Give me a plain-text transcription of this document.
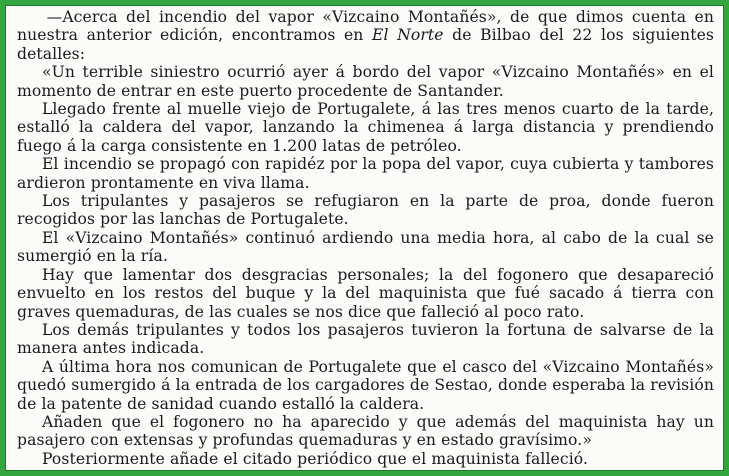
—Acerca del incendio del vapor «Vizcaino Montañés», de que dimos cuenta en nuestra anterior edición, encontramos en El Norte de Bilbao del 22 los siguientes detalles:

«Un terrible siniestro ocurrió ayer á bordo del vapor «Vizcaino Montañés» en el momento de entrar en este puerto procedente de Santander.

Llegado frente al muelle viejo de Portugalete, á las tres menos cuarto de la tarde, estalló la caldera del vapor, lanzando la chimenea á larga distancia y prendiendo fuego á la carga consistente en 1.200 latas de petróleo.

El incendio se propagó con rapidéz por la popa del vapor, cuya cubierta y tambores ardieron prontamente en viva llama.

Los tripulantes y pasajeros se refugiaron en la parte de proa, donde fueron recogidos por las lanchas de Portugalete.

El «Vizcaino Montañés» continuó ardiendo una media hora, al cabo de la cual se sumergió en la ría.

Hay que lamentar dos desgracias personales; la del fogonero que desapareció envuelto en los restos del buque y la del maquinista que fué sacado á tierra con graves quemaduras, de las cuales se nos dice que falleció al poco rato.

Los demás tripulantes y todos los pasajeros tuvieron la fortuna de salvarse de la manera antes indicada.

A última hora nos comunican de Portugalete que el casco del «Vizcaino Montañés» quedó sumergido á la entrada de los cargadores de Sestao, donde esperaba la revisión de la patente de sanidad cuando estalló la caldera.

Añaden que el fogonero no ha aparecido y que además del maquinista hay un pasajero con extensas y profundas quemaduras y en estado gravísimo.»

Posteriormente añade el citado periódico que el maquinista falleció.
